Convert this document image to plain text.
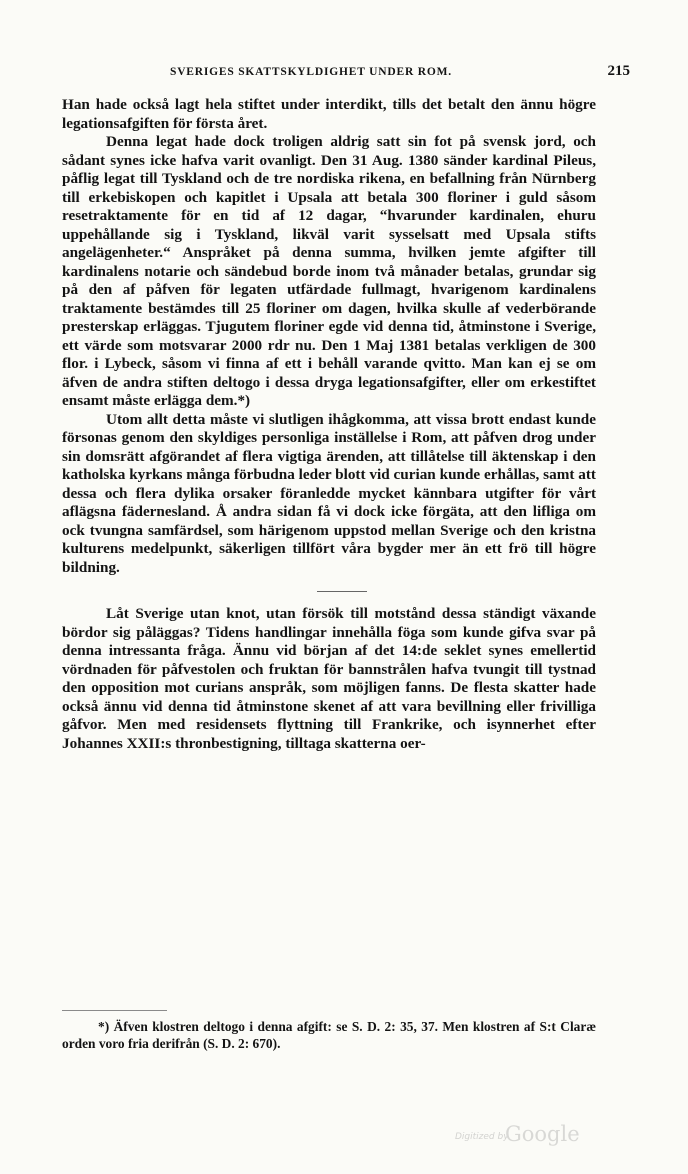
SVERIGES SKATTSKYLDIGHET UNDER ROM.	215

Han hade också lagt hela stiftet under interdikt, tills det betalt den ännu högre legationsafgiften för första året.

Denna legat hade dock troligen aldrig satt sin fot på svensk jord, och sådant synes icke hafva varit ovanligt. Den 31 Aug. 1380 sänder kardinal Pileus, påflig legat till Tyskland och de tre nordiska rikena, en befallning från Nürnberg till erkebiskopen och kapitlet i Upsala att betala 300 floriner i guld såsom resetraktamente för en tid af 12 dagar, “hvarunder kardinalen, ehuru uppehållande sig i Tyskland, likväl varit sysselsatt med Upsala stifts angelägenheter.“ Anspråket på denna summa, hvilken jemte afgifter till kardinalens notarie och sändebud borde inom två månader betalas, grundar sig på den af påfven för legaten utfärdade fullmagt, hvarigenom kardinalens traktamente bestämdes till 25 floriner om dagen, hvilka skulle af vederbörande presterskap erläggas. Tjugutem floriner egde vid denna tid, åtminstone i Sverige, ett värde som motsvarar 2000 rdr nu. Den 1 Maj 1381 betalas verkligen de 300 flor. i Lybeck, såsom vi finna af ett i behåll varande qvitto. Man kan ej se om äfven de andra stiften deltogo i dessa dryga legationsafgifter, eller om erkestiftet ensamt måste erlägga dem.*)

Utom allt detta måste vi slutligen ihågkomma, att vissa brott endast kunde försonas genom den skyldiges personliga inställelse i Rom, att påfven drog under sin domsrätt afgörandet af flera vigtiga ärenden, att tillåtelse till äktenskap i den katholska kyrkans många förbudna leder blott vid curian kunde erhållas, samt att dessa och flera dylika orsaker föranledde mycket kännbara utgifter för vårt aflägsna fädernesland. Å andra sidan få vi dock icke förgäta, att den lifliga om ock tvungna samfärdsel, som härigenom uppstod mellan Sverige och den kristna kulturens medelpunkt, säkerligen tillfört våra bygder mer än ett frö till högre bildning.

Låt Sverige utan knot, utan försök till motstånd dessa ständigt växande bördor sig påläggas? Tidens handlingar innehålla föga som kunde gifva svar på denna intressanta fråga. Ännu vid början af det 14:de seklet synes emellertid vördnaden för påfvestolen och fruktan för bannstrålen hafva tvungit till tystnad den opposition mot curians anspråk, som möjligen fanns. De flesta skatter hade också ännu vid denna tid åtminstone skenet af att vara bevillning eller frivilliga gåfvor. Men med residensets flyttning till Frankrike, och isynnerhet efter Johannes XXII:s thronbestigning, tilltaga skatterna oer-

*) Äfven klostren deltogo i denna afgift: se S. D. 2: 35, 37. Men klostren af S:t Claræ orden voro fria derifrån (S. D. 2: 670).

Digitized by
Google
